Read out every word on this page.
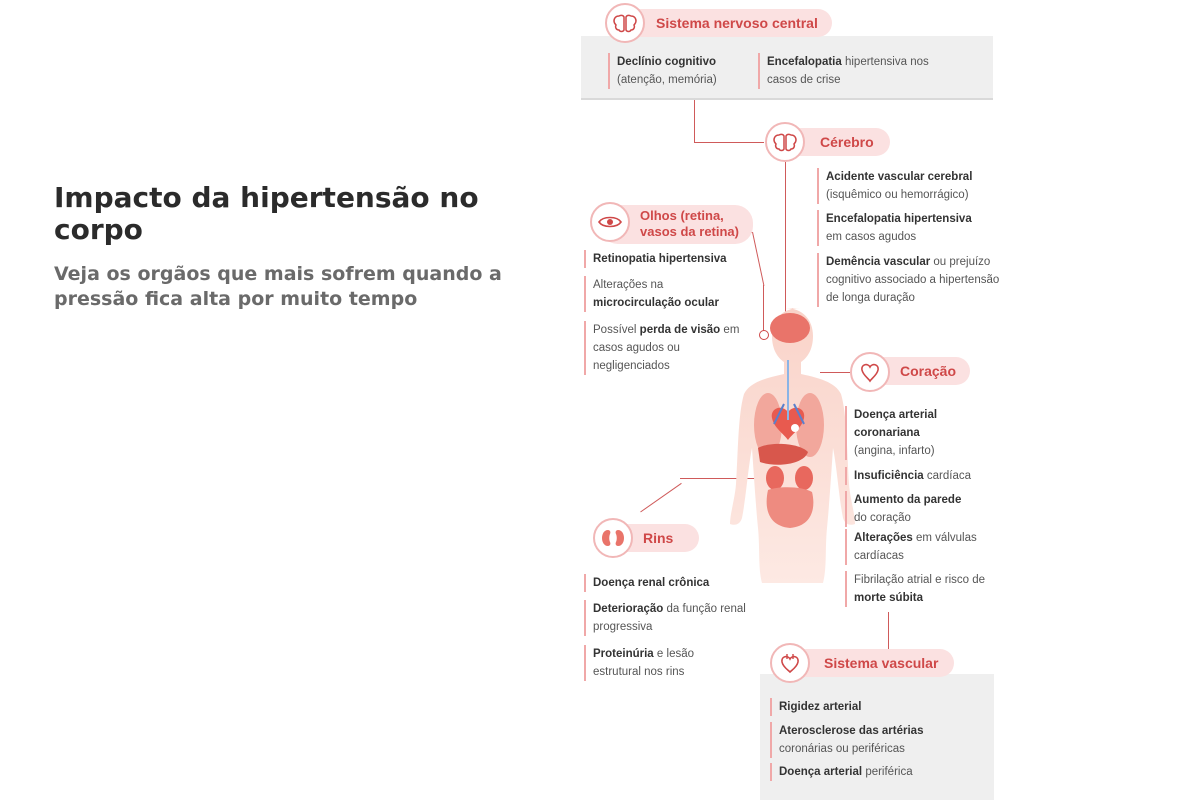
Impacto da hipertensão no corpo
Veja os orgãos que mais sofrem quando a pressão fica alta por muito tempo
Sistema nervoso central
Declínio cognitivo
(atenção, memória)
Encefalopatia hipertensiva nos casos de crise
Cérebro
Acidente vascular cerebral
(isquêmico ou hemorrágico)
Encefalopatia hipertensiva
em casos agudos
Demência vascular ou prejuízo cognitivo associado a hipertensão de longa duração
Olhos (retina,
vasos da retina)
Retinopatia hipertensiva
Alterações na
microcirculação ocular
Possível perda de visão em casos agudos ou negligenciados	Coração
Doença arterial coronariana
(angina, infarto)
Insuficiência cardíaca
Aumento da parede
do coração
Alterações em válvulas cardíacas
Fibrilação atrial e risco de morte súbita
Rins
Doença renal crônica
Deterioração da função renal progressiva
Proteinúria e lesão estrutural nos rins
Sistema vascular
Rigidez arterial
Aterosclerose das artérias
coronárias ou periféricas
Doença arterial periférica
